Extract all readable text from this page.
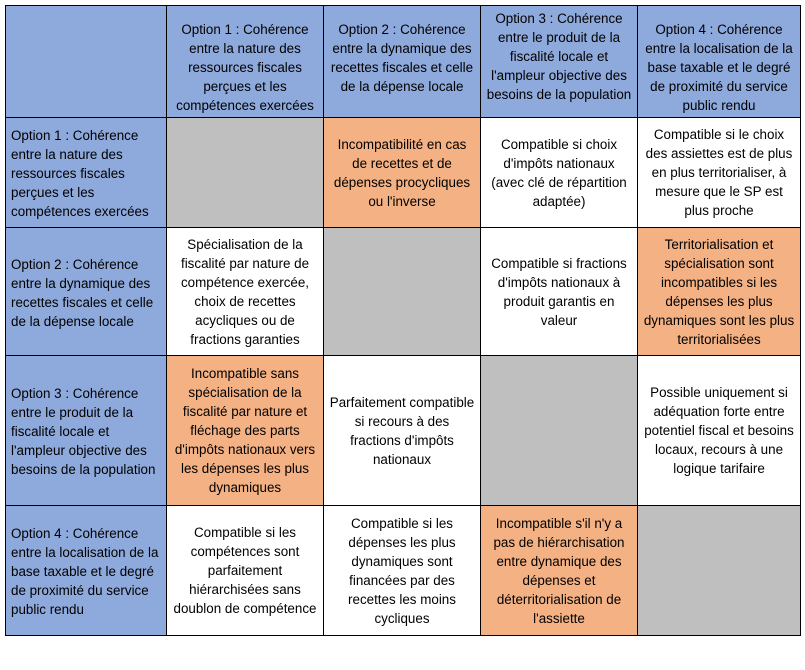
	Option 1 : Cohérence entre la nature des ressources fiscales perçues et les compétences exercées	Option 2 : Cohérence entre la dynamique des recettes fiscales et celle de la dépense locale	Option 3 : Cohérence entre le produit de la fiscalité locale et l'ampleur objective des besoins de la population	Option 4 : Cohérence entre la localisation de la base taxable et le degré de proximité du service public rendu
Option 1 : Cohérence entre la nature des ressources fiscales perçues et les compétences exercées		Incompatibilité en cas de recettes et de dépenses procycliques ou l'inverse	Compatible si choix d'impôts nationaux (avec clé de répartition adaptée)	Compatible si le choix des assiettes est de plus en plus territorialiser, à mesure que le SP est plus proche
Option 2 : Cohérence entre la dynamique des recettes fiscales et celle de la dépense locale	Spécialisation de la fiscalité par nature de compétence exercée, choix de recettes acycliques ou de fractions garanties		Compatible si fractions d'impôts nationaux à produit garantis en valeur	Territorialisation et spécialisation sont incompatibles si les dépenses les plus dynamiques sont les plus territorialisées
Option 3 : Cohérence entre le produit de la fiscalité locale et l'ampleur objective des besoins de la population	Incompatible sans spécialisation de la fiscalité par nature et fléchage des parts d'impôts nationaux vers les dépenses les plus dynamiques	Parfaitement compatible si recours à des fractions d'impôts nationaux		Possible uniquement si adéquation forte entre potentiel fiscal et besoins locaux, recours à une logique tarifaire
Option 4 : Cohérence entre la localisation de la base taxable et le degré de proximité du service public rendu	Compatible si les compétences sont parfaitement hiérarchisées sans doublon de compétence	Compatible si les dépenses les plus dynamiques sont financées par des recettes les moins cycliques	Incompatible s'il n'y a pas de hiérarchisation entre dynamique des dépenses et déterritorialisation de l'assiette	
